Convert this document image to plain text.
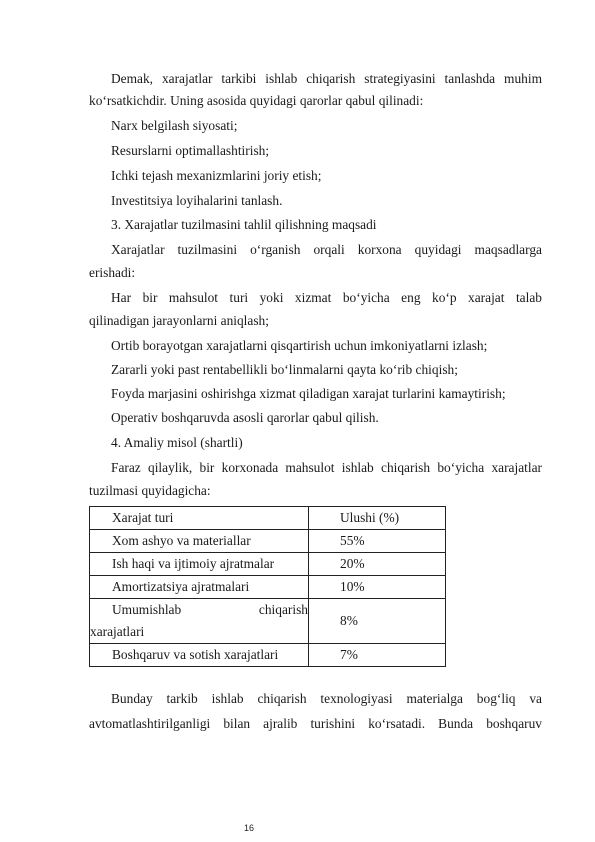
Demak, xarajatlar tarkibi ishlab chiqarish strategiyasini tanlashda muhim
koʻrsatkichdir. Uning asosida quyidagi qarorlar qabul qilinadi:
Narx belgilash siyosati;
Resurslarni optimallashtirish;
Ichki tejash mexanizmlarini joriy etish;
Investitsiya loyihalarini tanlash.
3. Xarajatlar tuzilmasini tahlil qilishning maqsadi
Xarajatlar tuzilmasini oʻrganish orqali korxona quyidagi maqsadlarga
erishadi:
Har bir mahsulot turi yoki xizmat boʻyicha eng koʻp xarajat talab
qilinadigan jarayonlarni aniqlash;
Ortib borayotgan xarajatlarni qisqartirish uchun imkoniyatlarni izlash;
Zararli yoki past rentabellikli boʻlinmalarni qayta koʻrib chiqish;
Foyda marjasini oshirishga xizmat qiladigan xarajat turlarini kamaytirish;
Operativ boshqaruvda asosli qarorlar qabul qilish.
4. Amaliy misol (shartli)
Faraz qilaylik, bir korxonada mahsulot ishlab chiqarish boʻyicha xarajatlar
tuzilmasi quyidagicha:
Xarajat turi	Ulushi (%)
Xom ashyo va materiallar	55%
Ish haqi va ijtimoiy ajratmalar	20%
Amortizatsiya ajratmalari	10%

Umumishlab chiqarish
xarajatlari	8%
Boshqaruv va sotish xarajatlari	7%
Bunday tarkib ishlab chiqarish texnologiyasi materialga bogʻliq va
avtomatlashtirilganligi bilan ajralib turishini koʻrsatadi. Bunda boshqaruv
16
